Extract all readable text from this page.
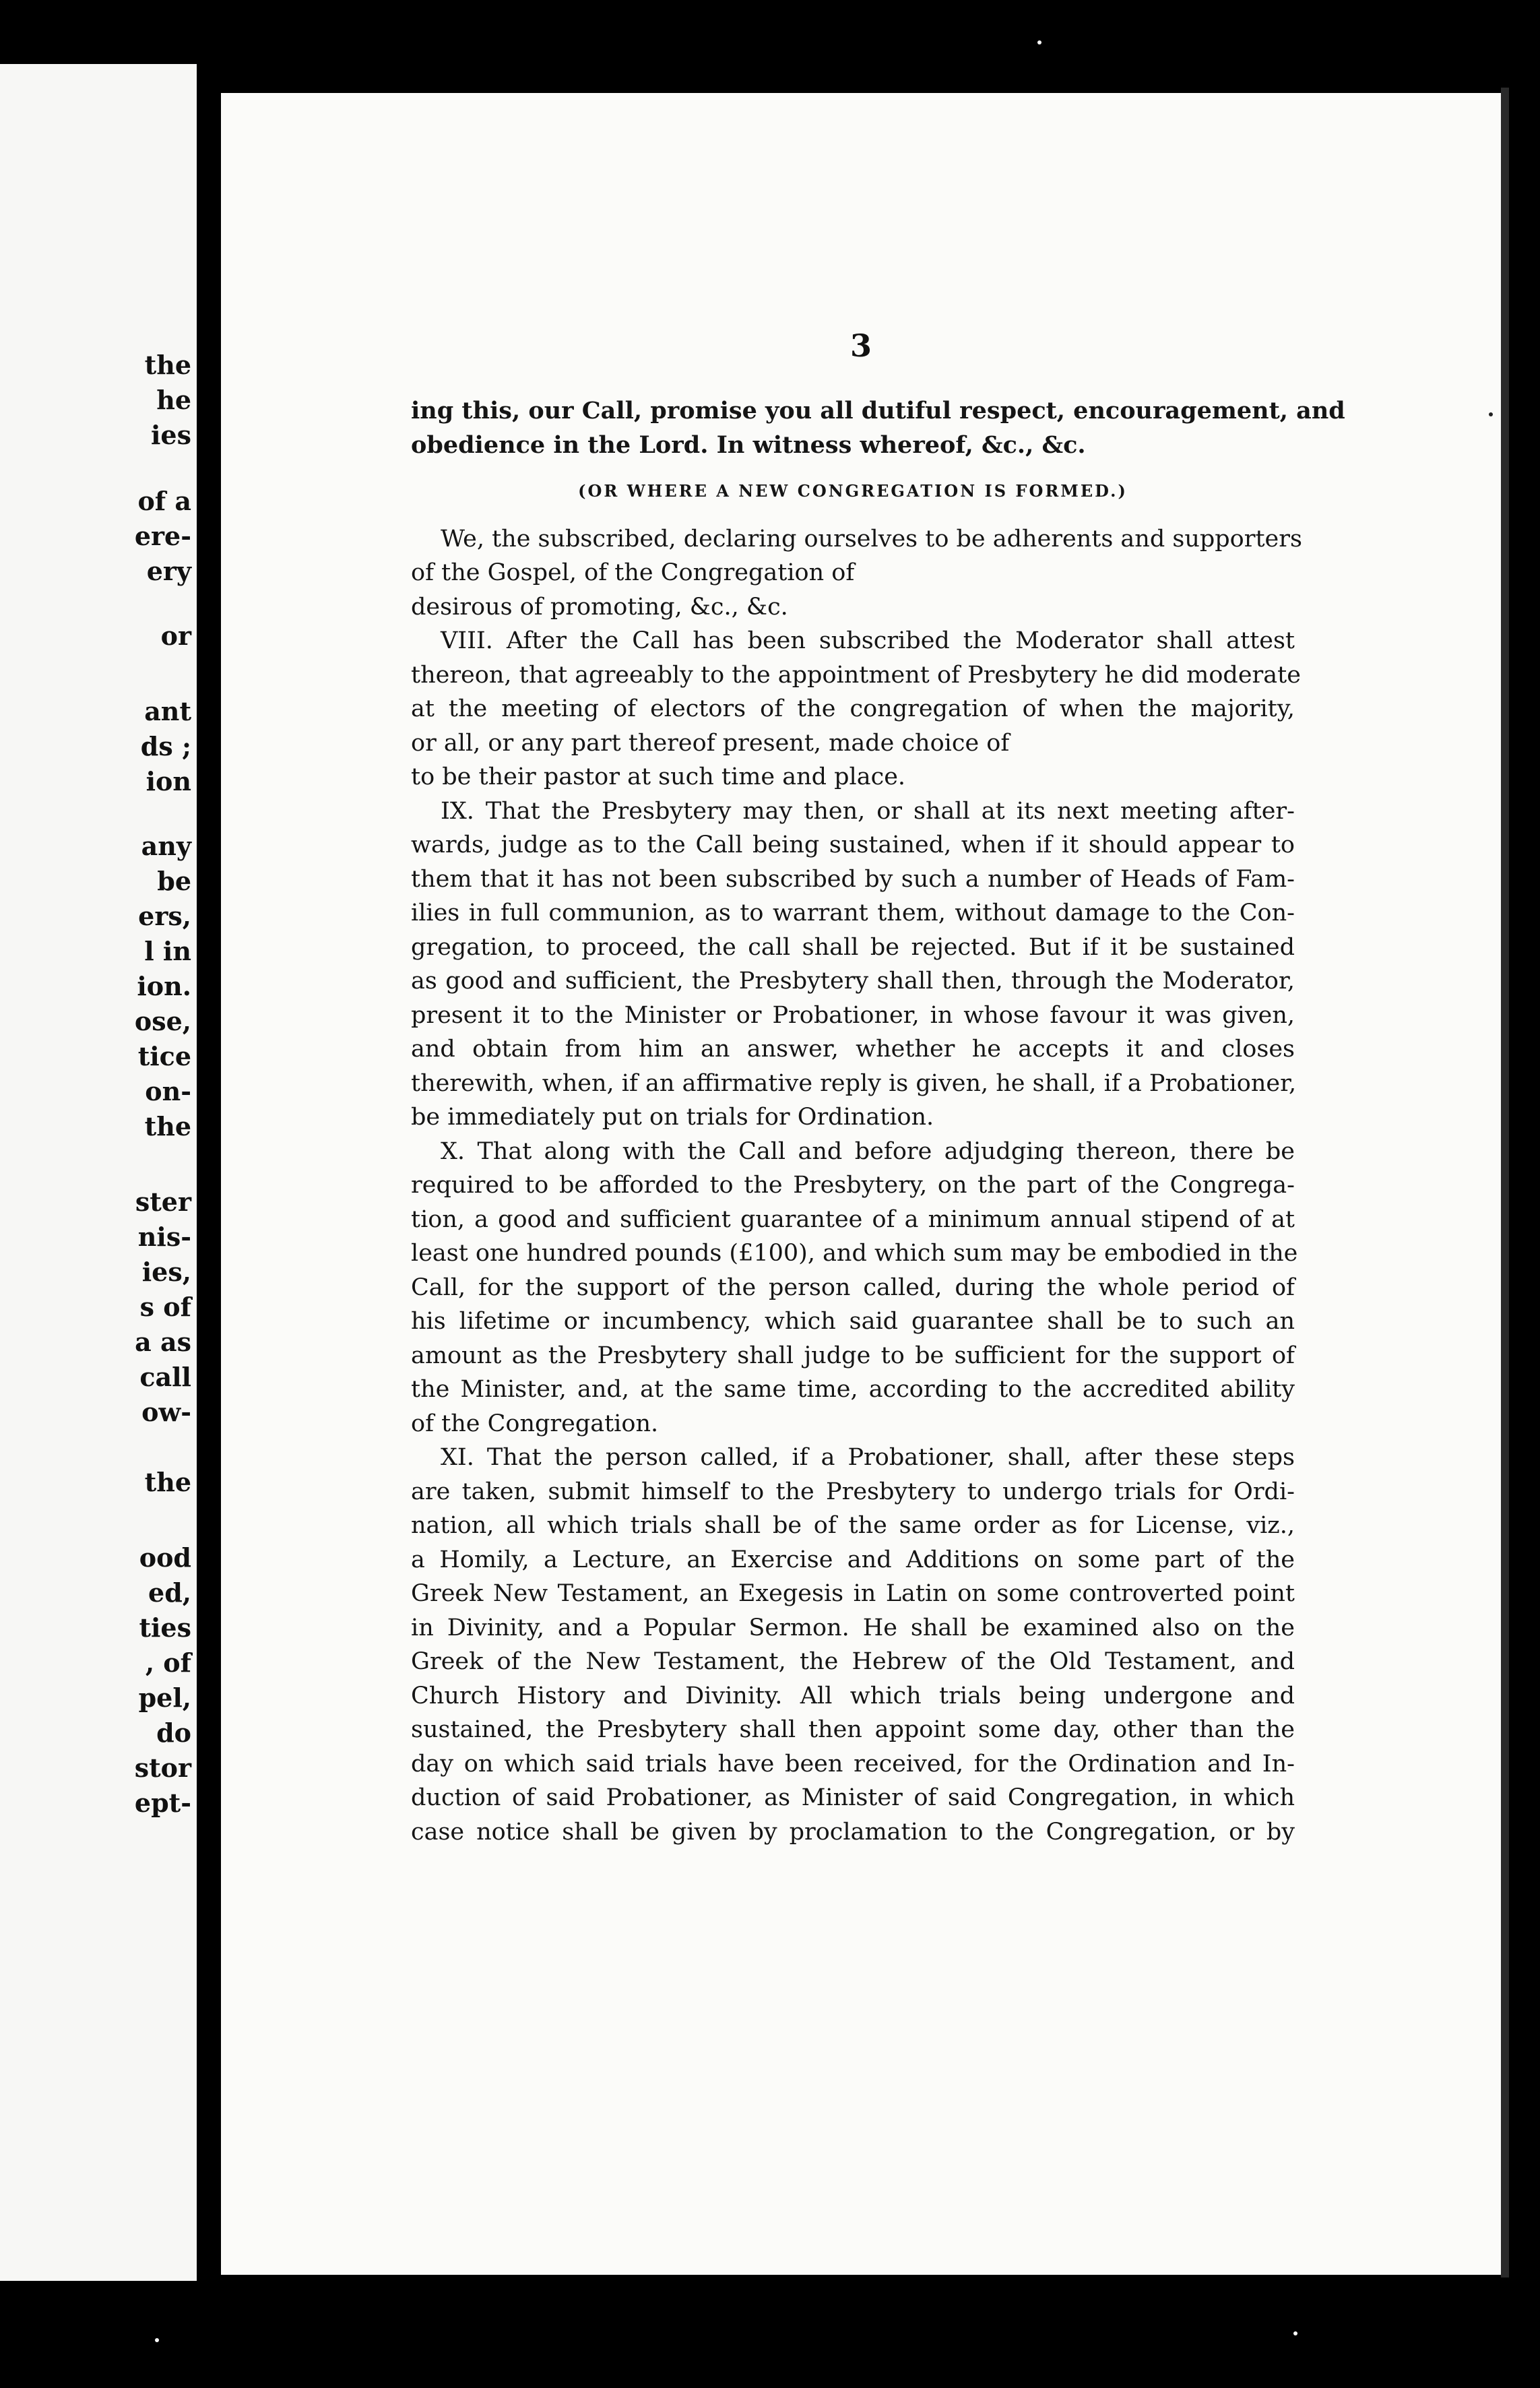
the
he
ies
of a
ere-
ery
or
ant
ds ;
ion
any
be
ers,
l in
ion.
ose,
tice
on-
the
ster
nis-
ies,
s of
a as
call
ow-
the
ood
ed,
ties
, of
pel,
do
stor
ept-
3
ing this, our Call, promise you all dutiful respect, encouragement, and
obedience in the Lord. In witness whereof, &c., &c.
(OR WHERE A NEW CONGREGATION IS FORMED.)
We, the subscribed, declaring ourselves to be adherents and supporters
of the Gospel, of the Congregation of
desirous of promoting, &c., &c.
VIII. After the Call has been subscribed the Moderator shall attest
thereon, that agreeably to the appointment of Presbytery he did moderate
at the meeting of electors of the congregation of when the majority,
or all, or any part thereof present, made choice of
to be their pastor at such time and place.
IX. That the Presbytery may then, or shall at its next meeting after-
wards, judge as to the Call being sustained, when if it should appear to
them that it has not been subscribed by such a number of Heads of Fam-
ilies in full communion, as to warrant them, without damage to the Con-
gregation, to proceed, the call shall be rejected. But if it be sustained
as good and sufficient, the Presbytery shall then, through the Moderator,
present it to the Minister or Probationer, in whose favour it was given,
and obtain from him an answer, whether he accepts it and closes
therewith, when, if an affirmative reply is given, he shall, if a Probationer,
be immediately put on trials for Ordination.
X. That along with the Call and before adjudging thereon, there be
required to be afforded to the Presbytery, on the part of the Congrega-
tion, a good and sufficient guarantee of a minimum annual stipend of at
least one hundred pounds (£100), and which sum may be embodied in the
Call, for the support of the person called, during the whole period of
his lifetime or incumbency, which said guarantee shall be to such an
amount as the Presbytery shall judge to be sufficient for the support of
the Minister, and, at the same time, according to the accredited ability
of the Congregation.
XI. That the person called, if a Probationer, shall, after these steps
are taken, submit himself to the Presbytery to undergo trials for Ordi-
nation, all which trials shall be of the same order as for License, viz.,
a Homily, a Lecture, an Exercise and Additions on some part of the
Greek New Testament, an Exegesis in Latin on some controverted point
in Divinity, and a Popular Sermon. He shall be examined also on the
Greek of the New Testament, the Hebrew of the Old Testament, and
Church History and Divinity. All which trials being undergone and
sustained, the Presbytery shall then appoint some day, other than the
day on which said trials have been received, for the Ordination and In-
duction of said Probationer, as Minister of said Congregation, in which
case notice shall be given by proclamation to the Congregation, or by
